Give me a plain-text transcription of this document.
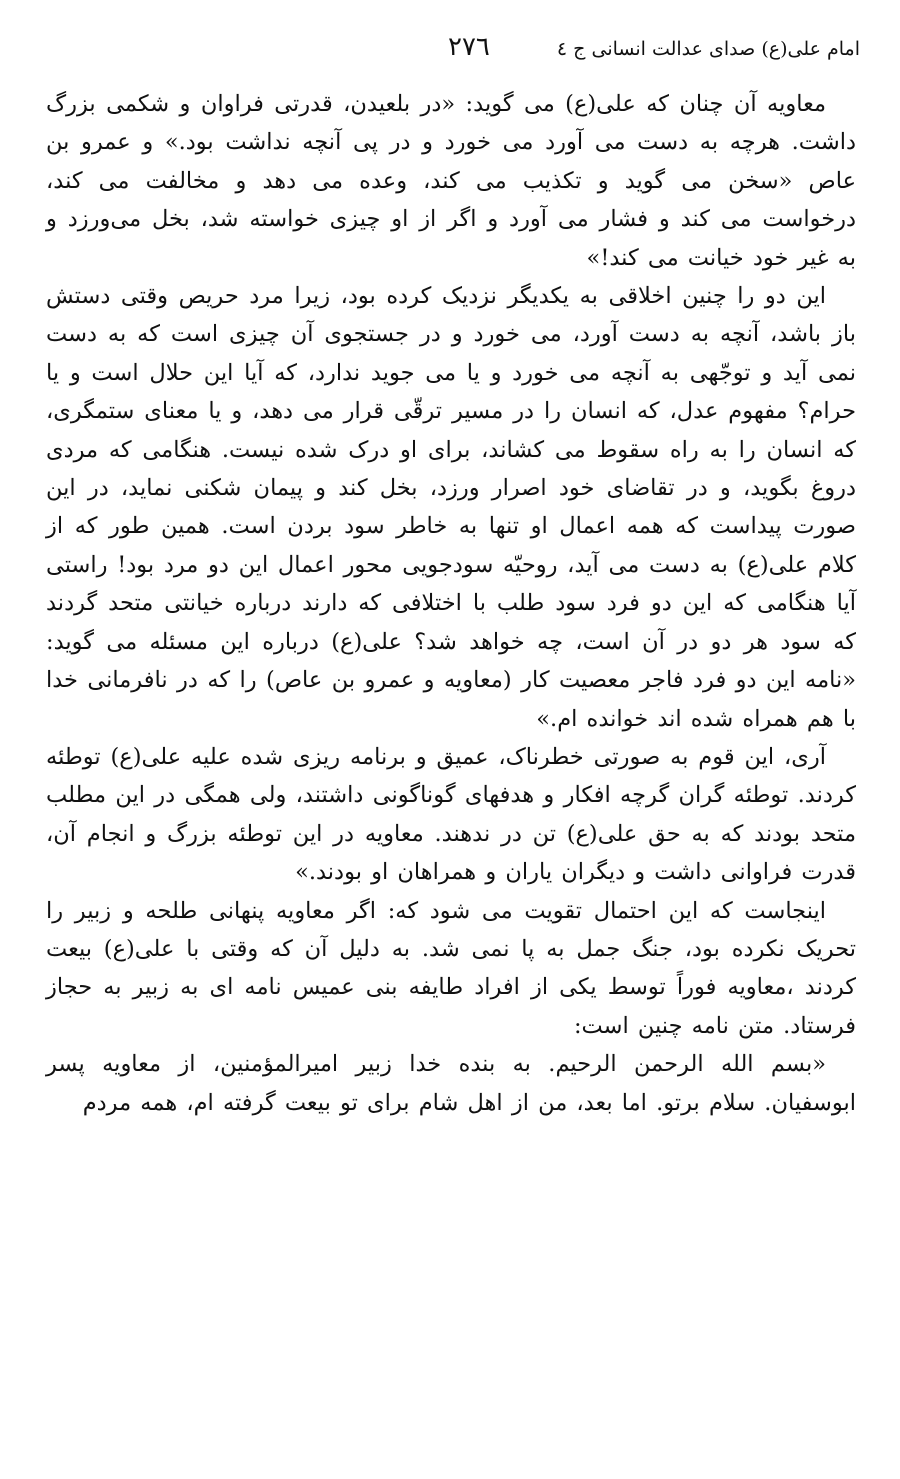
امام علی(ع) صدای عدالت انسانی ج ٤
٢٧٦

معاویه آن چنان که علی(ع) می گوید: «در بلعیدن، قدرتی فراوان و شکمی بزرگ داشت. هرچه به دست می آورد می خورد و در پی آنچه نداشت بود.» و عمرو بن عاص «سخن می گوید و تکذیب می کند، وعده می دهد و مخالفت می کند، درخواست می کند و فشار می آورد و اگر از او چیزی خواسته شد، بخل می‌ورزد و به غیر خود خیانت می کند!»

این دو را چنین اخلاقی به یکدیگر نزدیک کرده بود، زیرا مرد حریص وقتی دستش باز باشد، آنچه به دست آورد، می خورد و در جستجوی آن چیزی است که به دست نمی آید و توجّهی به آنچه می خورد و یا می جوید ندارد، که آیا این حلال است و یا حرام؟ مفهوم عدل، که انسان را در مسیر ترقّی قرار می دهد، و یا معنای ستمگری، که انسان را به راه سقوط می کشاند، برای او درک شده نیست. هنگامی که مردی دروغ بگوید، و در تقاضای خود اصرار ورزد، بخل کند و پیمان شکنی نماید، در این صورت پیداست که همه اعمال او تنها به خاطر سود بردن است. همین طور که از کلام علی(ع) به دست می آید، روحیّه سودجویی محور اعمال این دو مرد بود! راستی آیا هنگامی که این دو فرد سود طلب با اختلافی که دارند درباره خیانتی متحد گردند که سود هر دو در آن است، چه خواهد شد؟ علی(ع) درباره این مسئله می گوید: «نامه این دو فرد فاجر معصیت کار (معاویه و عمرو بن عاص) را که در نافرمانی خدا با هم همراه شده اند خوانده ام.»

آری، این قوم به صورتی خطرناک، عمیق و برنامه ریزی شده علیه علی(ع) توطئه کردند. توطئه گران گرچه افکار و هدفهای گوناگونی داشتند، ولی همگی در این مطلب متحد بودند که به حق علی(ع) تن در ندهند. معاویه در این توطئه بزرگ و انجام آن، قدرت فراوانی داشت و دیگران یاران و همراهان او بودند.»

اینجاست که این احتمال تقویت می شود که: اگر معاویه پنهانی طلحه و زبیر را تحریک نکرده بود، جنگ جمل به پا نمی شد. به دلیل آن که وقتی با علی(ع) بیعت کردند ،معاویه فوراً توسط یکی از افراد طایفه بنی عمیس نامه ای به زبیر به حجاز فرستاد. متن نامه چنین است:

«بسم الله الرحمن الرحیم. به بنده خدا زبیر امیرالمؤمنین، از معاویه پسر ابوسفیان. سلام برتو. اما بعد، من از اهل شام برای تو بیعت گرفته ام، همه مردم
